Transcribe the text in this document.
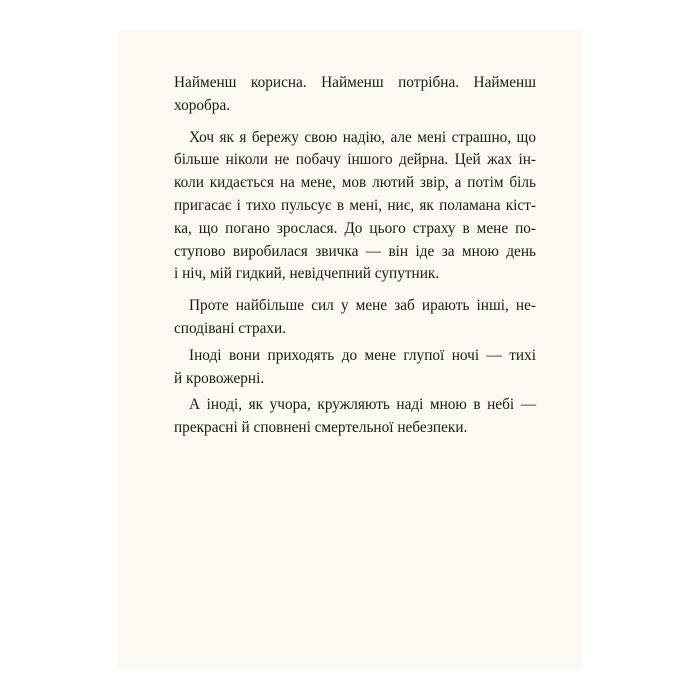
Найменш корисна. Найменш потрібна. Найменш
хоробра.

Хоч як я бережу свою надію, але мені страшно, що
більше ніколи не побачу іншого дейрна. Цей жах ін-
коли кидається на мене, мов лютий звір, а потім біль
пригасає і тихо пульсує в мені, ниє, як поламана кіст-
ка, що погано зрослася. До цього страху в мене по-
ступово виробилася звичка — він іде за мною день
і ніч, мій гидкий, невідчепний супутник.

Проте найбільше сил у мене заб ирають інші, не-
сподівані страхи.

Іноді вони приходять до мене глупої ночі — тихі
й кровожерні.

А іноді, як учора, кружляють наді мною в небі —
прекрасні й сповнені смертельної небезпеки.
